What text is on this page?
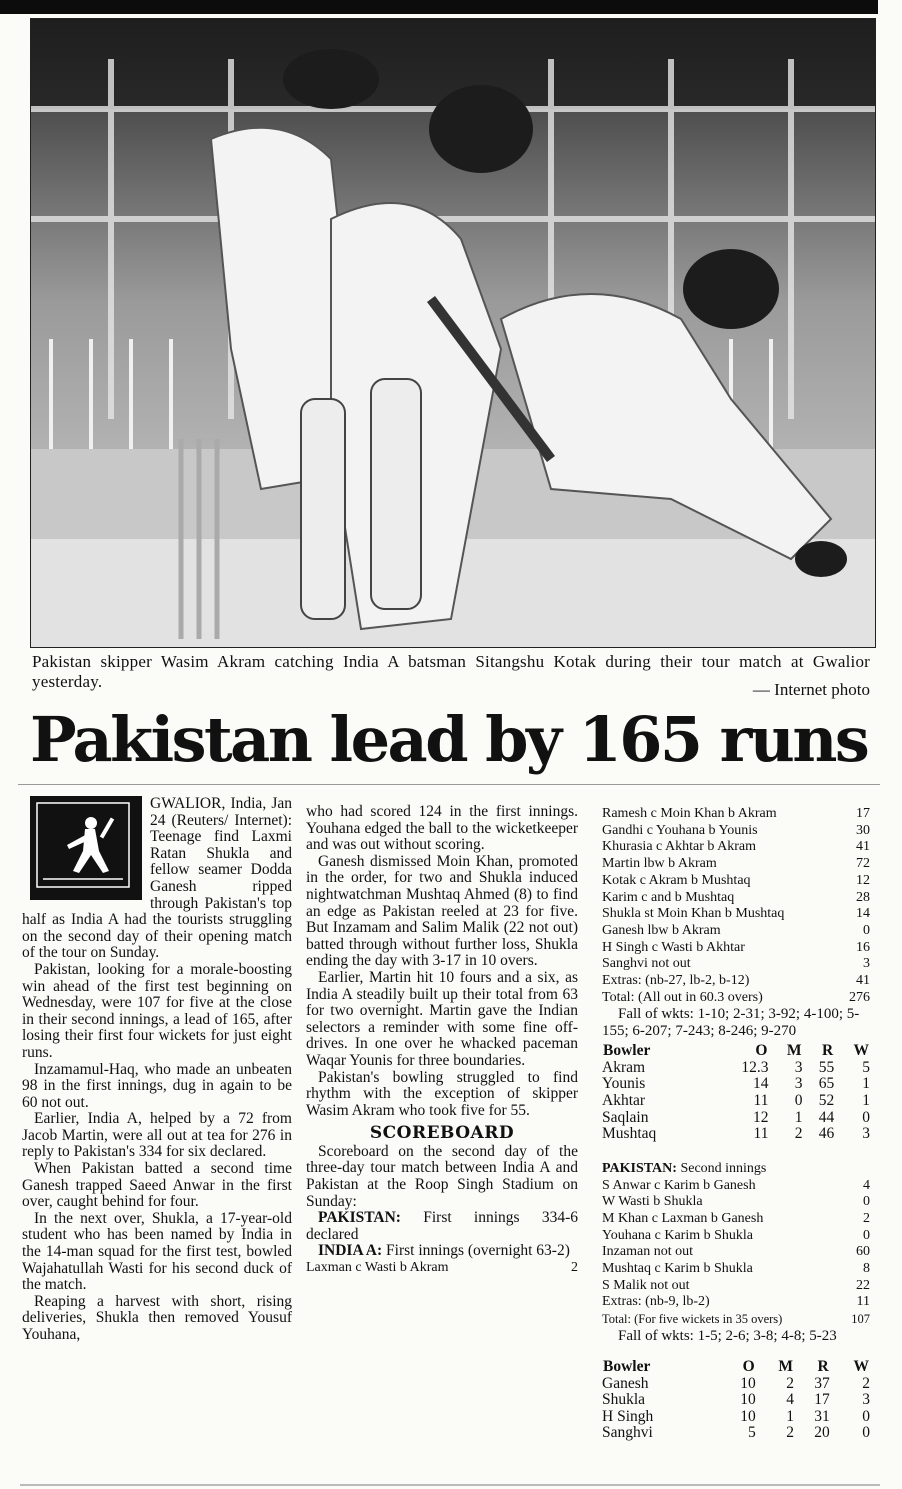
Pakistan skipper Wasim Akram catching India A batsman Sitangshu Kotak during their tour match at Gwalior yesterday.	— Internet photo
Pakistan lead by 165 runs

GWALIOR, India, Jan 24 (Reuters/ Internet): Teenage find Laxmi Ratan Shukla and fellow seamer Dodda Ganesh ripped through Pakistan's top half as India A had the tourists struggling on the second day of their opening match of the tour on Sunday.

Pakistan, looking for a morale-boosting win ahead of the first test beginning on Wednesday, were 107 for five at the close in their second innings, a lead of 165, after losing their first four wickets for just eight runs.

Inzamamul-Haq, who made an unbeaten 98 in the first innings, dug in again to be 60 not out.

Earlier, India A, helped by a 72 from Jacob Martin, were all out at tea for 276 in reply to Pakistan's 334 for six declared.

When Pakistan batted a second time Ganesh trapped Saeed Anwar in the first over, caught behind for four.

In the next over, Shukla, a 17-year-old student who has been named by India in the 14-man squad for the first test, bowled Wajahatullah Wasti for his second duck of the match.

Reaping a harvest with short, rising deliveries, Shukla then removed Yousuf Youhana,

who had scored 124 in the first innings. Youhana edged the ball to the wicketkeeper and was out without scoring.

Ganesh dismissed Moin Khan, promoted in the order, for two and Shukla induced nightwatchman Mushtaq Ahmed (8) to find an edge as Pakistan reeled at 23 for five. But Inzamam and Salim Malik (22 not out) batted through without further loss, Shukla ending the day with 3-17 in 10 overs.

Earlier, Martin hit 10 fours and a six, as India A steadily built up their total from 63 for two overnight. Martin gave the Indian selectors a reminder with some fine off-drives. In one over he whacked paceman Waqar Younis for three boundaries.

Pakistan's bowling struggled to find rhythm with the exception of skipper Wasim Akram who took five for 55.

SCOREBOARD

Scoreboard on the second day of the three-day tour match between India A and Pakistan at the Roop Singh Stadium on Sunday:

PAKISTAN: First innings 334-6 declared

INDIA A: First innings (overnight 63-2)

Laxman c Wasti b Akram	2
Ramesh c Moin Khan b Akram	17
Gandhi c Youhana b Younis	30
Khurasia c Akhtar b Akram	41
Martin lbw b Akram	72
Kotak c Akram b Mushtaq	12
Karim c and b Mushtaq	28
Shukla st Moin Khan b Mushtaq	14
Ganesh lbw b Akram	0
H Singh c Wasti b Akhtar	16
Sanghvi not out	3
Extras: (nb-27, lb-2, b-12)	41
Total: (All out in 60.3 overs)	276
Fall of wkts: 1-10; 2-31; 3-92; 4-100; 5-155; 6-207; 7-243; 8-246; 9-270
Bowler	O	M	R	W
Akram	12.3	3	55	5
Younis	14	3	65	1
Akhtar	11	0	52	1
Saqlain	12	1	44	0
Mushtaq	11	2	46	3
PAKISTAN: Second innings
S Anwar c Karim b Ganesh	4
W Wasti b Shukla	0
M Khan c Laxman b Ganesh	2
Youhana c Karim b Shukla	0
Inzaman not out	60
Mushtaq c Karim b Shukla	8
S Malik not out	22
Extras: (nb-9, lb-2)	11
Total: (For five wickets in 35 overs)	107
Fall of wkts: 1-5; 2-6; 3-8; 4-8; 5-23
Bowler	O	M	R	W
Ganesh	10	2	37	2
Shukla	10	4	17	3
H Singh	10	1	31	0
Sanghvi	5	2	20	0
